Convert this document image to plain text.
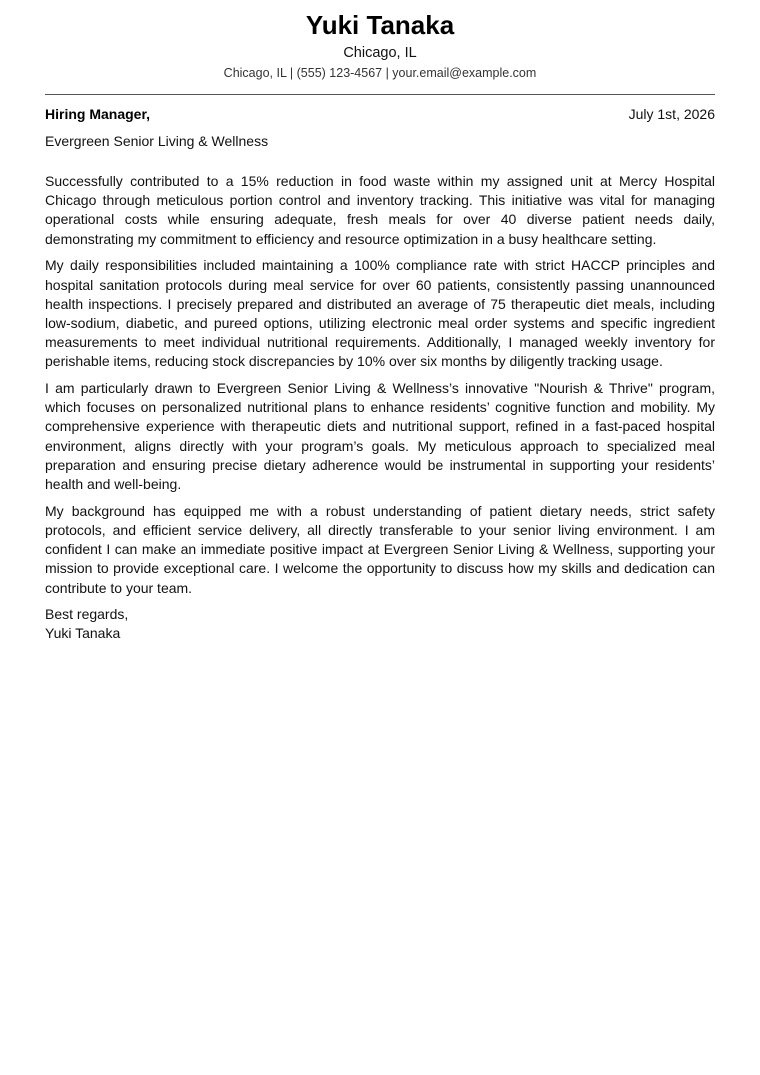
Yuki Tanaka
Chicago, IL
Chicago, IL | (555) 123-4567 | your.email@example.com
Hiring Manager,	July 1st, 2026
Evergreen Senior Living & Wellness

Successfully contributed to a 15% reduction in food waste within my assigned unit at Mercy Hospital Chicago through meticulous portion control and inventory tracking. This initiative was vital for managing operational costs while ensuring adequate, fresh meals for over 40 diverse patient needs daily, demonstrating my commitment to efficiency and resource optimization in a busy healthcare setting.

My daily responsibilities included maintaining a 100% compliance rate with strict HACCP principles and hospital sanitation protocols during meal service for over 60 patients, consistently passing unannounced health inspections. I precisely prepared and distributed an average of 75 therapeutic diet meals, including low-sodium, diabetic, and pureed options, utilizing electronic meal order systems and specific ingredient measurements to meet individual nutritional requirements. Additionally, I managed weekly inventory for perishable items, reducing stock discrepancies by 10% over six months by diligently tracking usage.

I am particularly drawn to Evergreen Senior Living & Wellness’s innovative "Nourish & Thrive" program, which focuses on personalized nutritional plans to enhance residents’ cognitive function and mobility. My comprehensive experience with therapeutic diets and nutritional support, refined in a fast-paced hospital environment, aligns directly with your program’s goals. My meticulous approach to specialized meal preparation and ensuring precise dietary adherence would be instrumental in supporting your residents’ health and well-being.

My background has equipped me with a robust understanding of patient dietary needs, strict safety protocols, and efficient service delivery, all directly transferable to your senior living environment. I am confident I can make an immediate positive impact at Evergreen Senior Living & Wellness, supporting your mission to provide exceptional care. I welcome the opportunity to discuss how my skills and dedication can contribute to your team.

Best regards,
Yuki Tanaka
